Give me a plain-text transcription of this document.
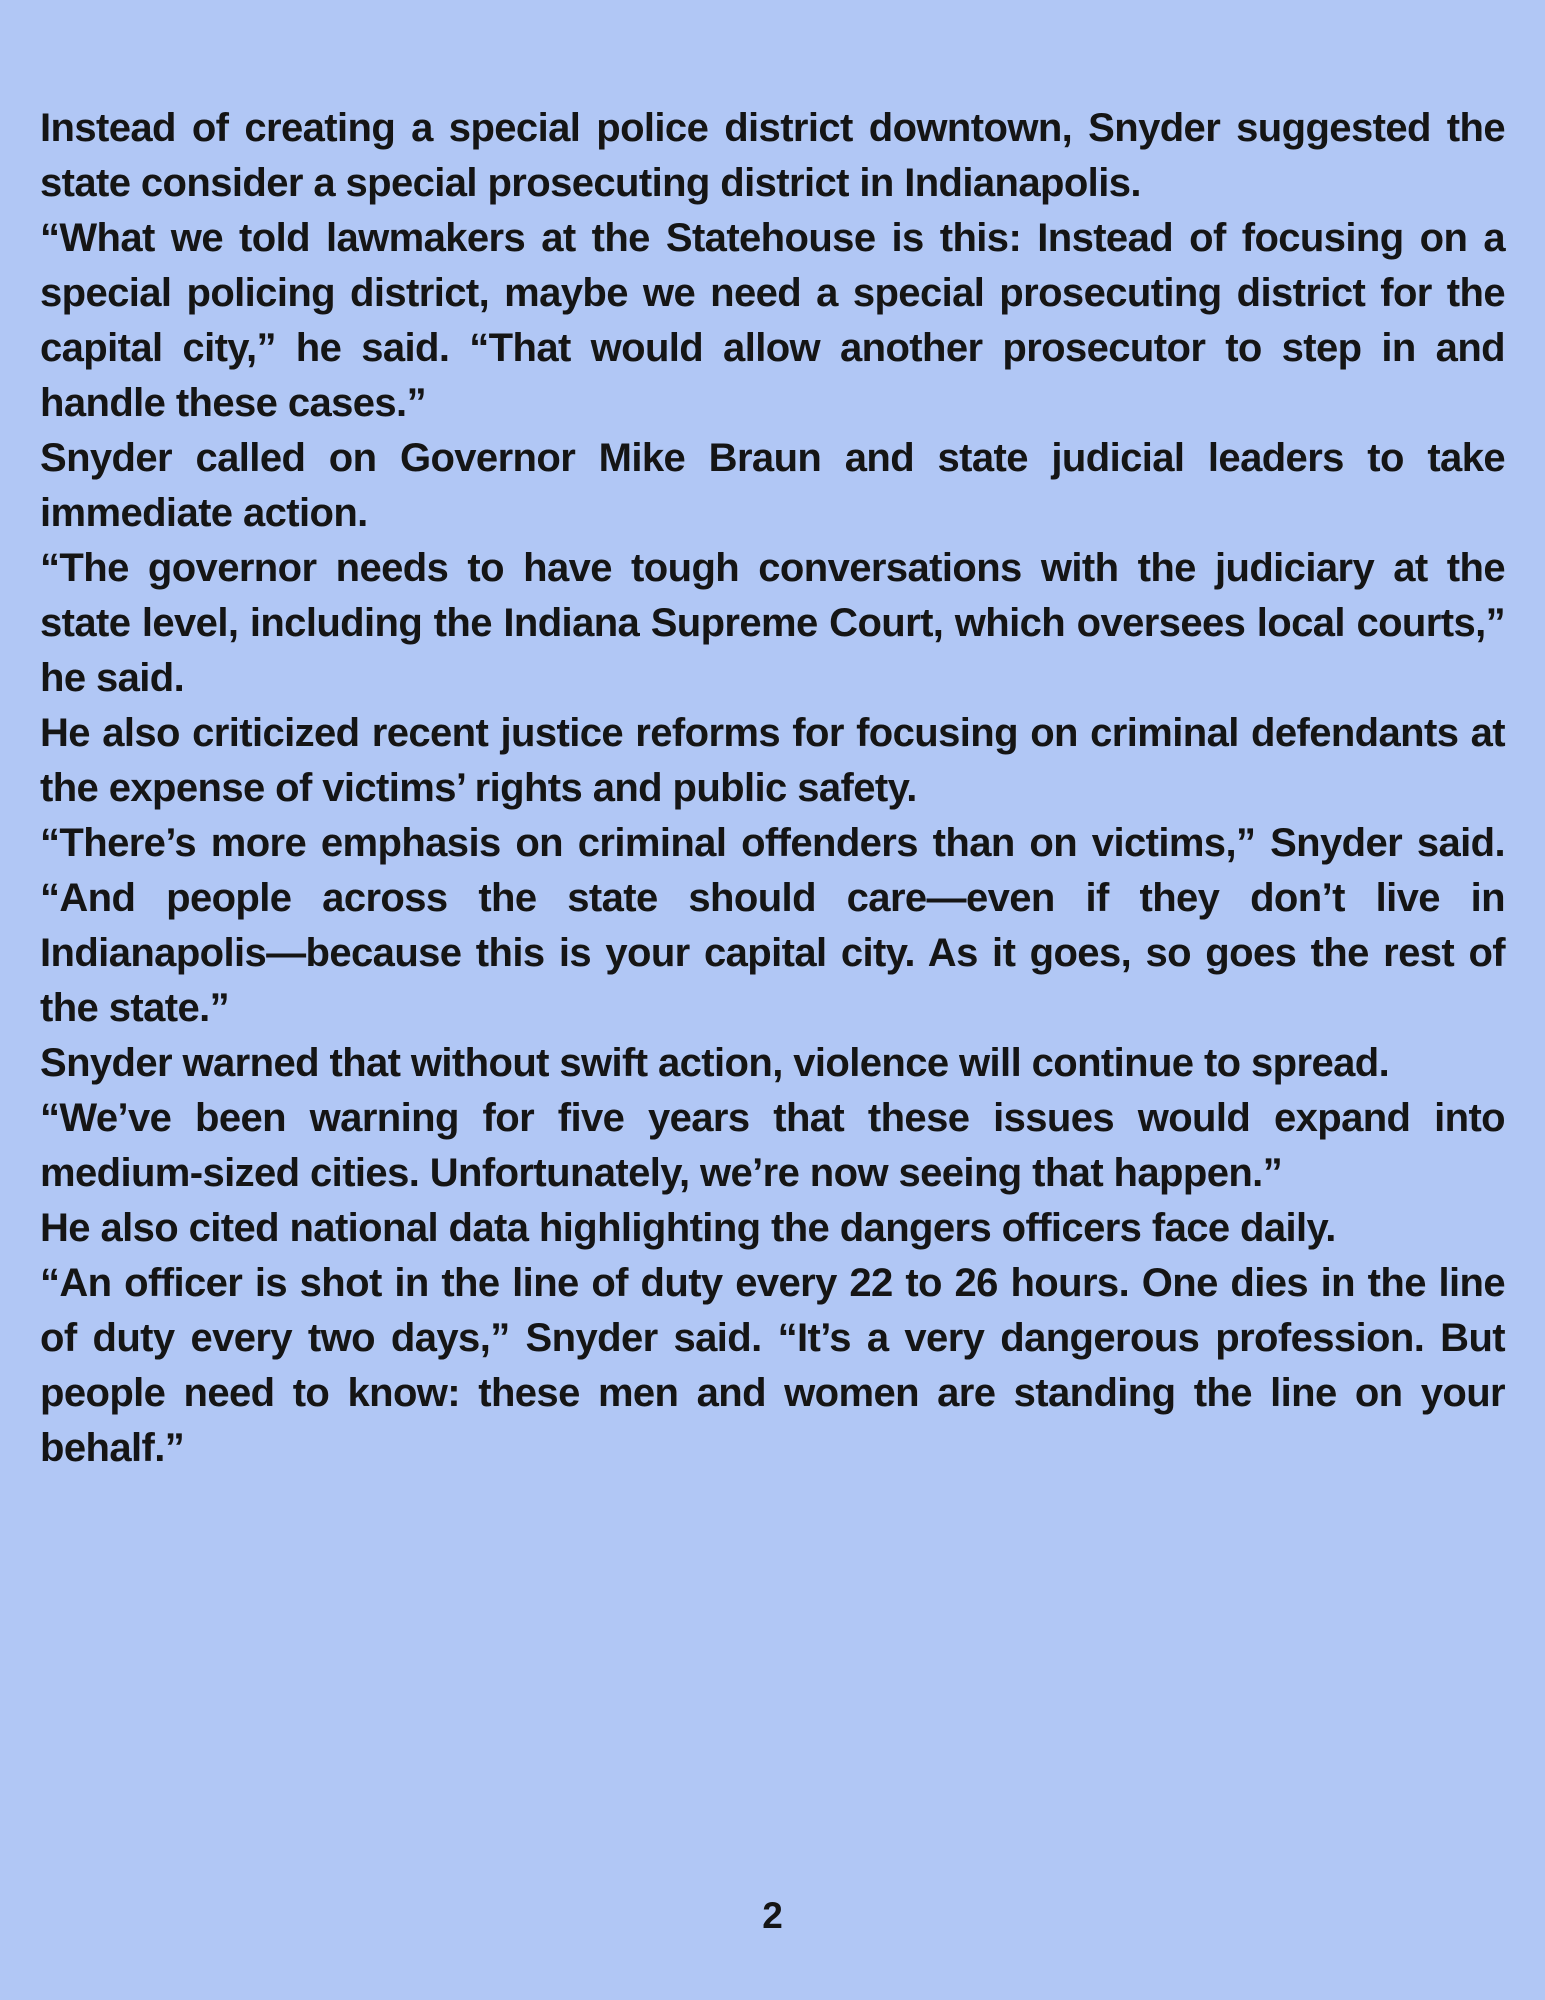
Instead of creating a special police district downtown, Snyder suggested the state consider a special prosecuting district in Indianapolis.

“What we told lawmakers at the Statehouse is this: Instead of focusing on a special policing district, maybe we need a special prosecuting district for the capital city,” he said. “That would allow another prosecutor to step in and handle these cases.”

Snyder called on Governor Mike Braun and state judicial leaders to take immediate action.

“The governor needs to have tough conversations with the judiciary at the state level, including the Indiana Supreme Court, which oversees local courts,” he said.

He also criticized recent justice reforms for focusing on criminal defendants at the expense of victims’ rights and public safety.

“There’s more emphasis on criminal offenders than on victims,” Snyder said. “And people across the state should care—even if they don’t live in Indianapolis—because this is your capital city. As it goes, so goes the rest of the state.”

Snyder warned that without swift action, violence will continue to spread.

“We’ve been warning for five years that these issues would expand into medium-sized cities. Unfortunately, we’re now seeing that happen.”

He also cited national data highlighting the dangers officers face daily.

“An officer is shot in the line of duty every 22 to 26 hours. One dies in the line of duty every two days,” Snyder said. “It’s a very dangerous profession. But people need to know: these men and women are standing the line on your behalf.”

2
